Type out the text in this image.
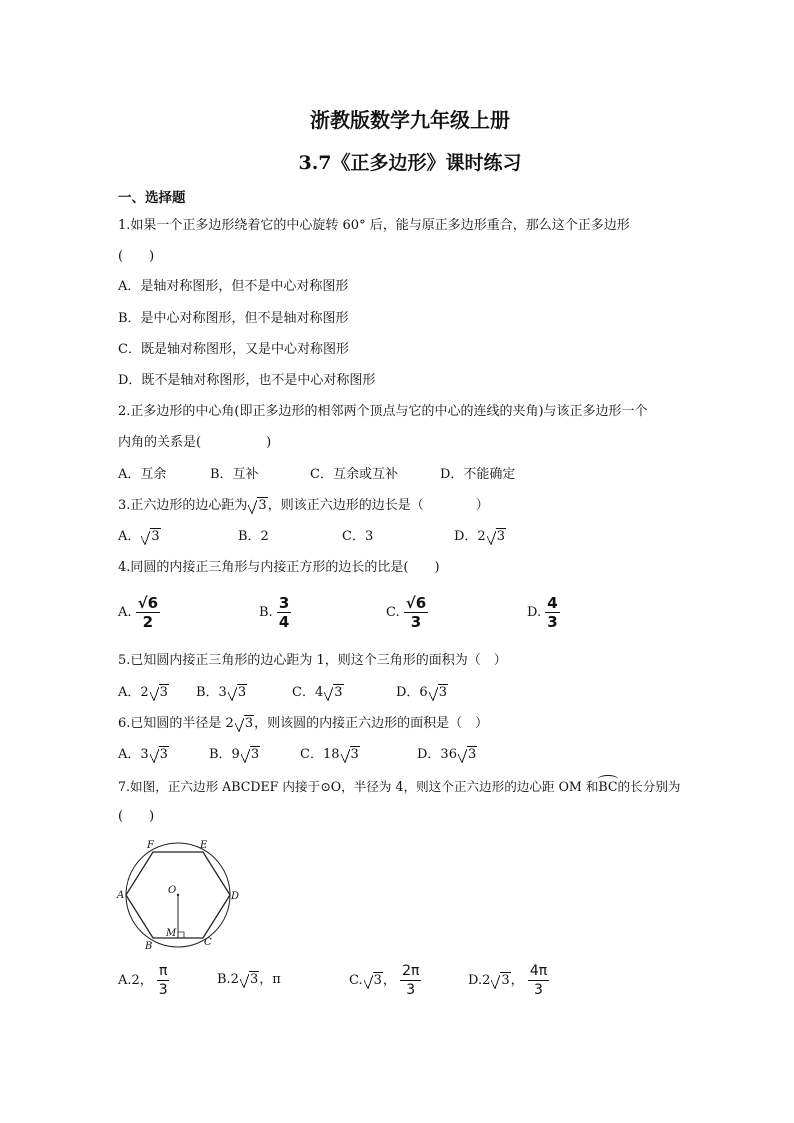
浙教版数学九年级上册
3.7《正多边形》课时练习
一、选择题
1.如果一个正多边形绕着它的中心旋转 60° 后，能与原正多边形重合，那么这个正多边形
(　　)
A．是轴对称图形，但不是中心对称图形
B．是中心对称图形，但不是轴对称图形
C．既是轴对称图形，又是中心对称图形
D．既不是轴对称图形，也不是中心对称图形
2.正多边形的中心角(即正多边形的相邻两个顶点与它的中心的连线的夹角)与该正多边形一个
内角的关系是(　　　　　)
A．互余	B．互补	C．互余或互补	D．不能确定
3.正六边形的边心距为 3，则该正六边形的边长是（　　　　）
A． 3	B．2	C．3	D．2 3
4.同圆的内接正三角形与内接正方形的边长的比是(　　)
A. $\frac{√6}{2}$	B. $\frac{3}{4}$	C. $\frac{√6}{3}$	D. $\frac{4}{3}$
5.已知圆内接正三角形的边心距为 1，则这个三角形的面积为（　）
A．2 3 B．3 3	C．4 3	D．6 3
6.已知圆的半径是 2 3，则该圆的内接正六边形的面积是（　）
A．3 3	B．9 3	C．18 3	D．36 3
7.如图，正六边形 ABCDEF 内接于⊙O，半径为 4，则这个正六边形的边心距 OM 和BC的长分别为
(　　)
F	E
A	O
D
M
B	C
A.2， $\frac{\pi}{3}$	B.2 3，π	C. 3， $\frac{2\pi}{3}$	D.2 3， $\frac{4\pi}{3}$
